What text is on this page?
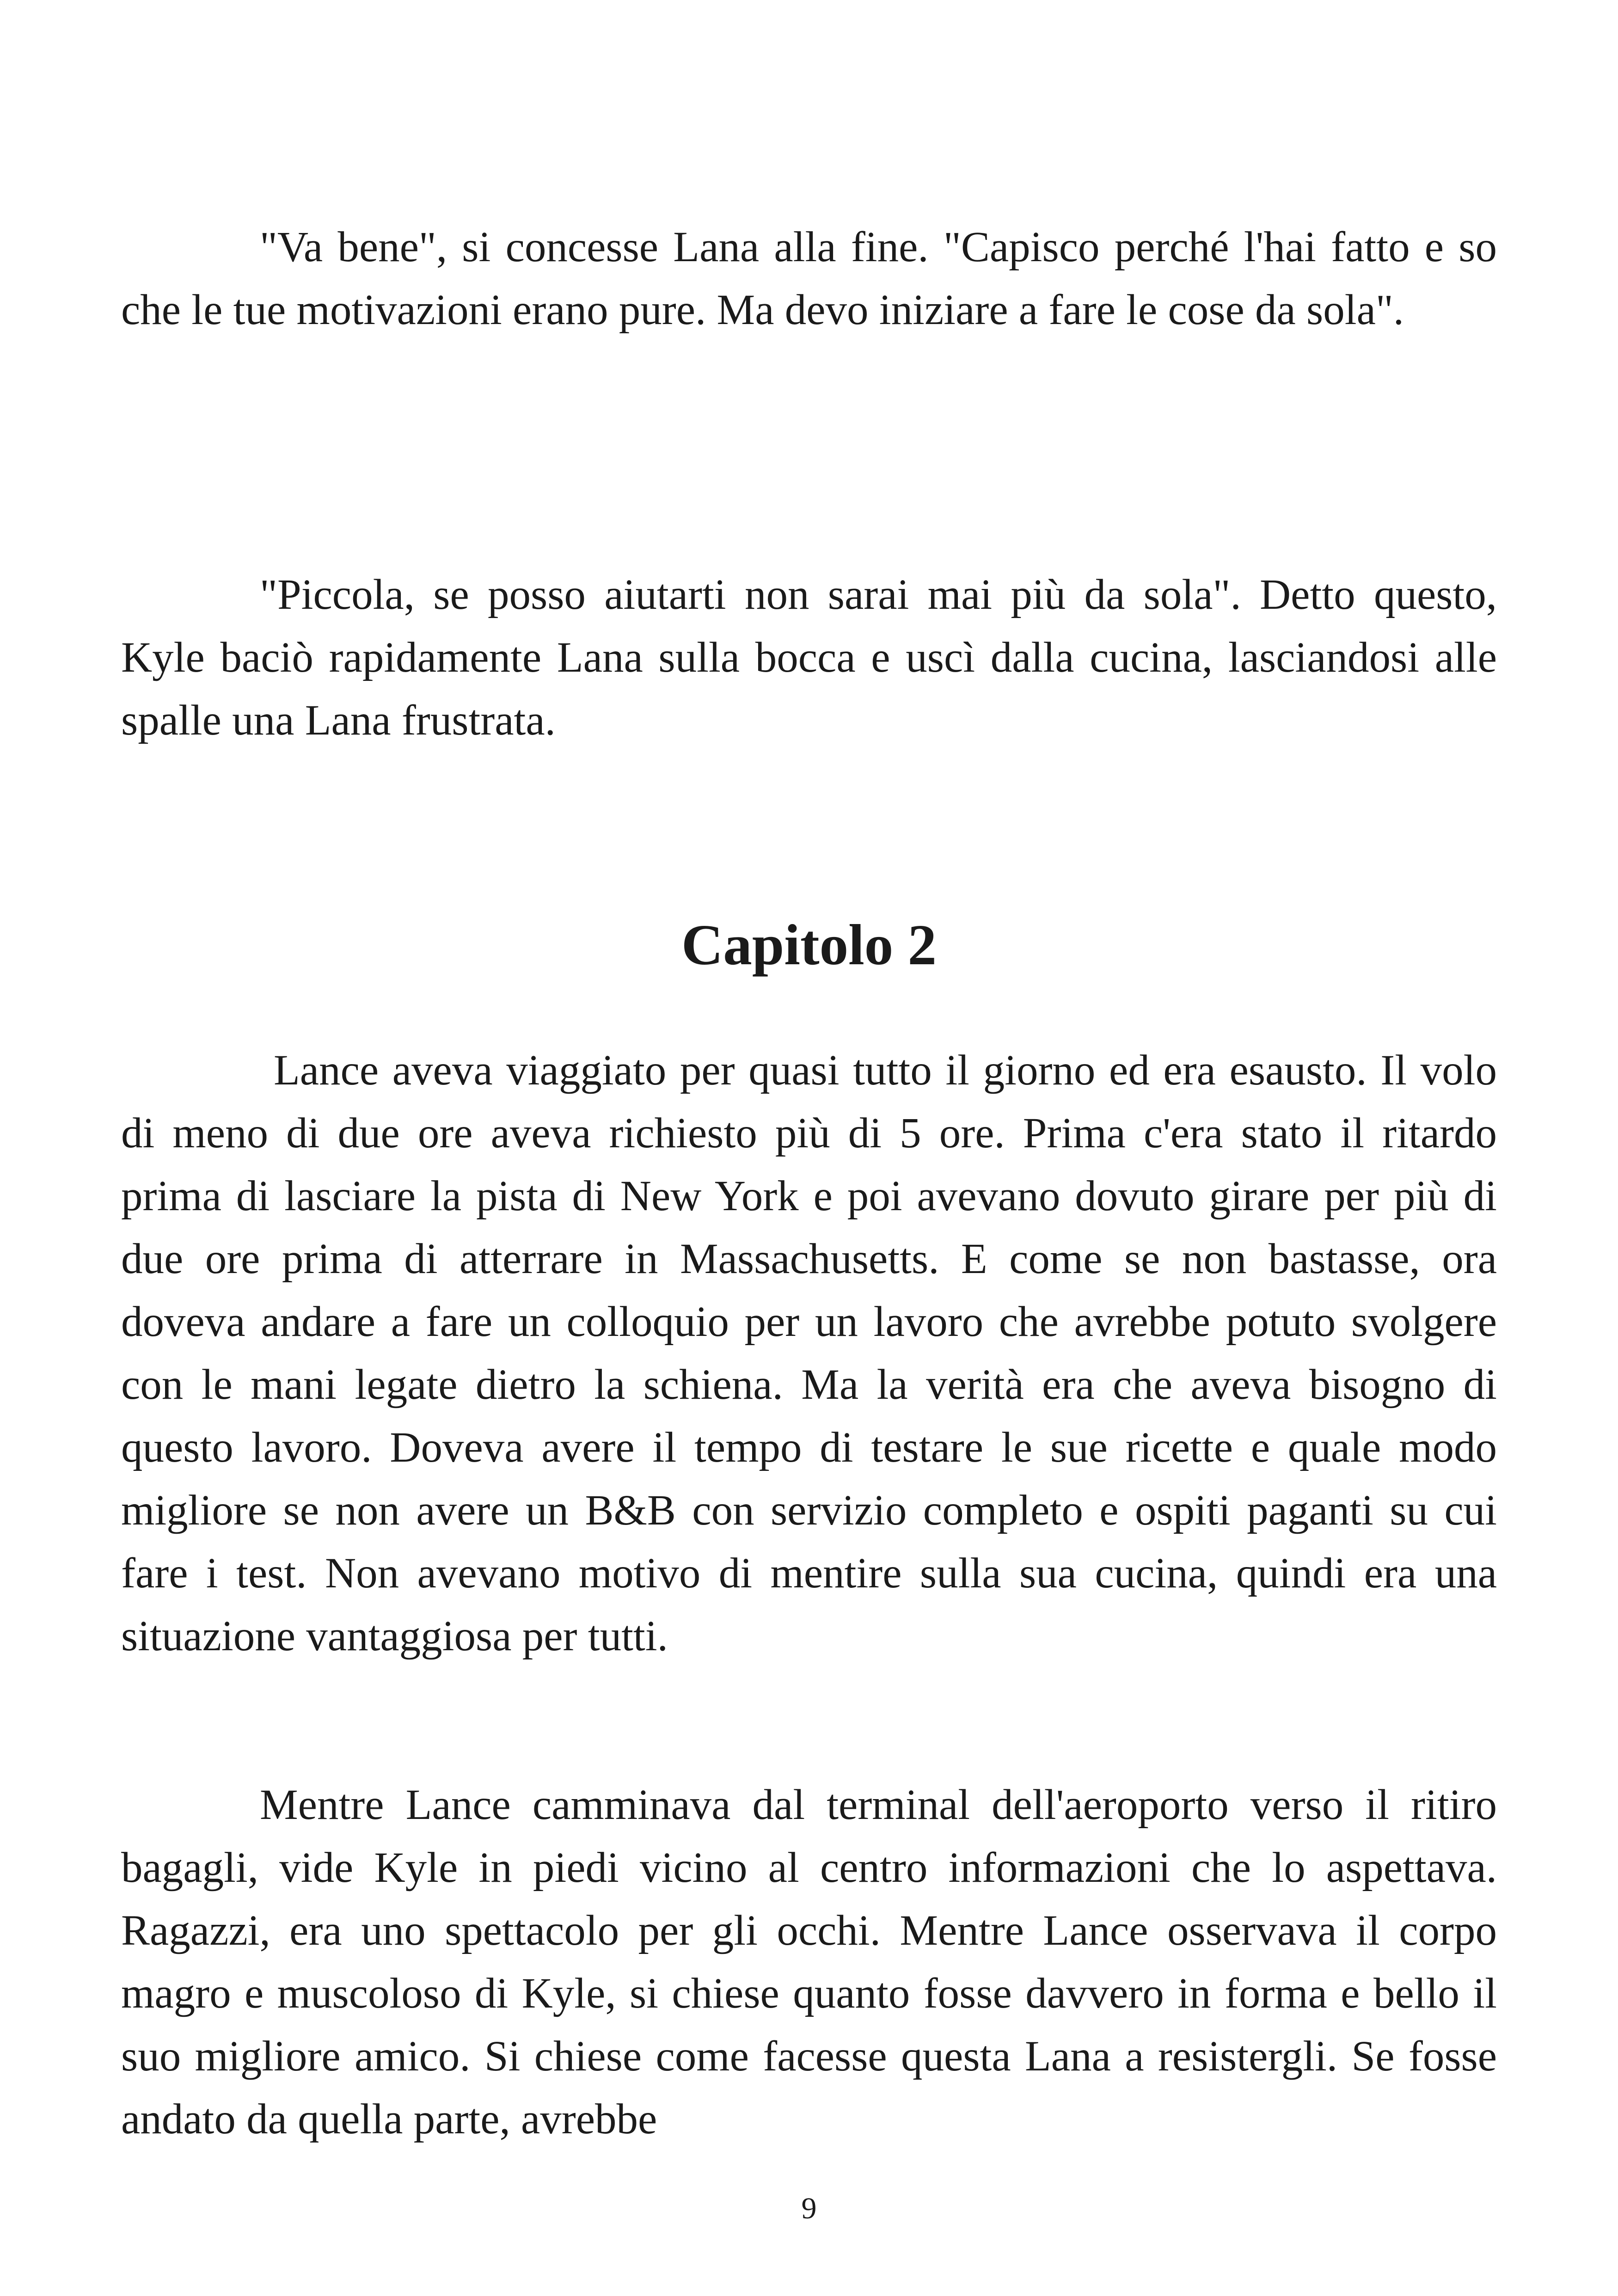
"Va bene", si concesse Lana alla fine. "Capisco perché l'hai fatto e so che le tue motivazioni erano pure. Ma devo iniziare a fare le cose da sola".

"Piccola, se posso aiutarti non sarai mai più da sola". Detto questo, Kyle baciò rapidamente Lana sulla bocca e uscì dalla cucina, lasciandosi alle spalle una Lana frustrata.

Capitolo 2

Lance aveva viaggiato per quasi tutto il giorno ed era esausto. Il volo di meno di due ore aveva richiesto più di 5 ore. Prima c'era stato il ritardo prima di lasciare la pista di New York e poi avevano dovuto girare per più di due ore prima di atterrare in Massachusetts. E come se non bastasse, ora doveva andare a fare un colloquio per un lavoro che avrebbe potuto svolgere con le mani legate dietro la schiena. Ma la verità era che aveva bisogno di questo lavoro. Doveva avere il tempo di testare le sue ricette e quale modo migliore se non avere un B&B con servizio completo e ospiti paganti su cui fare i test. Non avevano motivo di mentire sulla sua cucina, quindi era una situazione vantaggiosa per tutti.

Mentre Lance camminava dal terminal dell'aeroporto verso il ritiro bagagli, vide Kyle in piedi vicino al centro informazioni che lo aspettava. Ragazzi, era uno spettacolo per gli occhi. Mentre Lance osservava il corpo magro e muscoloso di Kyle, si chiese quanto fosse davvero in forma e bello il suo migliore amico. Si chiese come facesse questa Lana a resistergli. Se fosse andato da quella parte, avrebbe

9
